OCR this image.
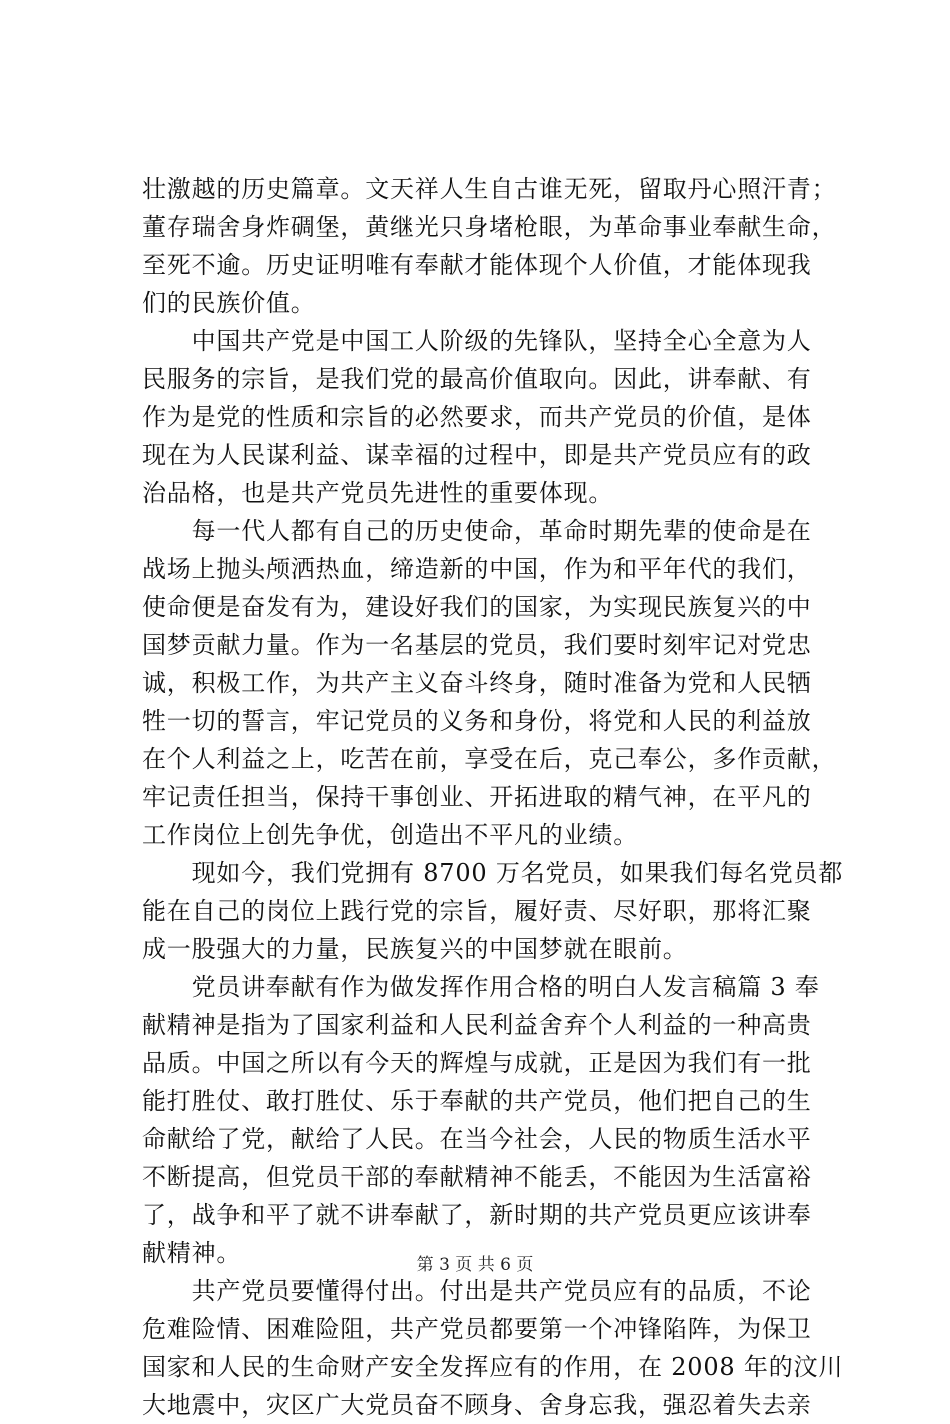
壮激越的历史篇章。文天祥人生自古谁无死，留取丹心照汗青；
董存瑞舍身炸碉堡，黄继光只身堵枪眼，为革命事业奉献生命，
至死不逾。历史证明唯有奉献才能体现个人价值，才能体现我
们的民族价值。
　　中国共产党是中国工人阶级的先锋队，坚持全心全意为人
民服务的宗旨，是我们党的最高价值取向。因此，讲奉献、有
作为是党的性质和宗旨的必然要求，而共产党员的价值，是体
现在为人民谋利益、谋幸福的过程中，即是共产党员应有的政
治品格，也是共产党员先进性的重要体现。
　　每一代人都有自己的历史使命，革命时期先辈的使命是在
战场上抛头颅洒热血，缔造新的中国，作为和平年代的我们，
使命便是奋发有为，建设好我们的国家，为实现民族复兴的中
国梦贡献力量。作为一名基层的党员，我们要时刻牢记对党忠
诚，积极工作，为共产主义奋斗终身，随时准备为党和人民牺
牲一切的誓言，牢记党员的义务和身份，将党和人民的利益放
在个人利益之上，吃苦在前，享受在后，克己奉公，多作贡献，
牢记责任担当，保持干事创业、开拓进取的精气神，在平凡的
工作岗位上创先争优，创造出不平凡的业绩。
　　现如今，我们党拥有 8700 万名党员，如果我们每名党员都
能在自己的岗位上践行党的宗旨，履好责、尽好职，那将汇聚
成一股强大的力量，民族复兴的中国梦就在眼前。
　　党员讲奉献有作为做发挥作用合格的明白人发言稿篇 3 奉
献精神是指为了国家利益和人民利益舍弃个人利益的一种高贵
品质。中国之所以有今天的辉煌与成就，正是因为我们有一批
能打胜仗、敢打胜仗、乐于奉献的共产党员，他们把自己的生
命献给了党，献给了人民。在当今社会，人民的物质生活水平
不断提高，但党员干部的奉献精神不能丢，不能因为生活富裕
了，战争和平了就不讲奉献了，新时期的共产党员更应该讲奉
献精神。
　　共产党员要懂得付出。付出是共产党员应有的品质，不论
危难险情、困难险阻，共产党员都要第一个冲锋陷阵，为保卫
国家和人民的生命财产安全发挥应有的作用，在 2008 年的汶川
大地震中，灾区广大党员奋不顾身、舍身忘我，强忍着失去亲
第 3 页 共 6 页
